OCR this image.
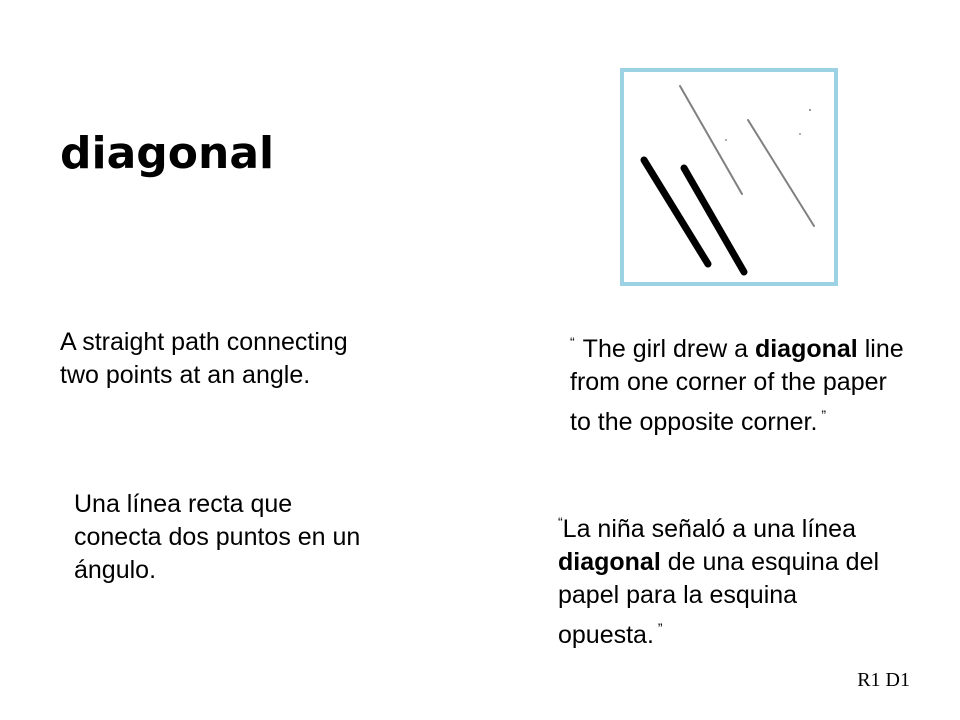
diagonal

A straight path connecting two points at an angle.

Una línea recta que conecta dos puntos en un ángulo.

“ The girl drew a diagonal line from one corner of the paper to the opposite corner. ”

“La niña señaló a una línea diagonal de una esquina del papel para la esquina opuesta. ”

R1 D1
